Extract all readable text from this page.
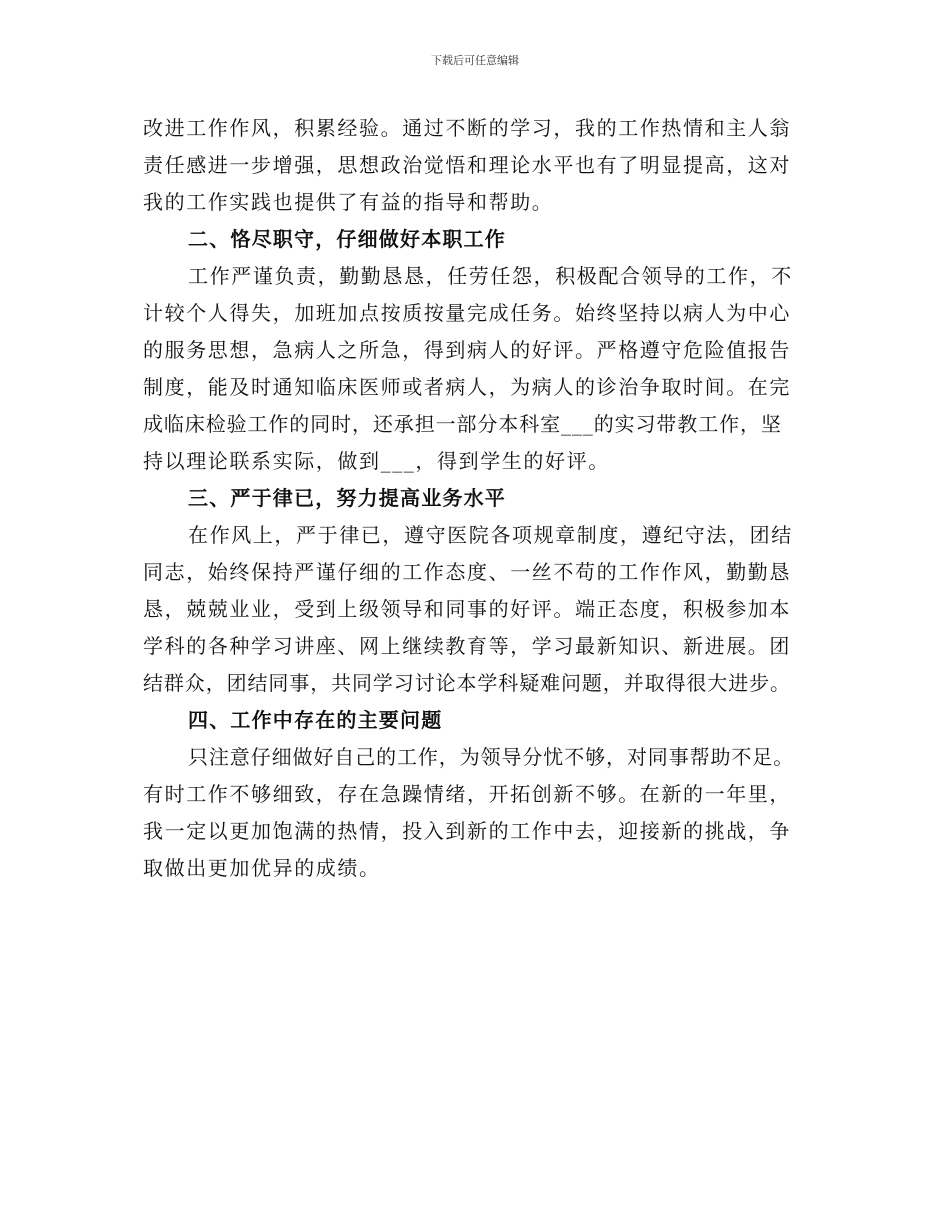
下载后可任意编辑
改进工作作风，积累经验。通过不断的学习，我的工作热情和主人翁
责任感进一步增强，思想政治觉悟和理论水平也有了明显提高，这对
我的工作实践也提供了有益的指导和帮助。
二、恪尽职守，仔细做好本职工作
工作严谨负责，勤勤恳恳，任劳任怨，积极配合领导的工作，不
计较个人得失，加班加点按质按量完成任务。始终坚持以病人为中心
的服务思想，急病人之所急，得到病人的好评。严格遵守危险值报告
制度，能及时通知临床医师或者病人，为病人的诊治争取时间。在完
成临床检验工作的同时，还承担一部分本科室___的实习带教工作，坚
持以理论联系实际，做到___，得到学生的好评。
三、严于律已，努力提高业务水平
在作风上，严于律已，遵守医院各项规章制度，遵纪守法，团结
同志，始终保持严谨仔细的工作态度、一丝不苟的工作作风，勤勤恳
恳，兢兢业业，受到上级领导和同事的好评。端正态度，积极参加本
学科的各种学习讲座、网上继续教育等，学习最新知识、新进展。团
结群众，团结同事，共同学习讨论本学科疑难问题，并取得很大进步。
四、工作中存在的主要问题
只注意仔细做好自己的工作，为领导分忧不够，对同事帮助不足。
有时工作不够细致，存在急躁情绪，开拓创新不够。在新的一年里，
我一定以更加饱满的热情，投入到新的工作中去，迎接新的挑战，争
取做出更加优异的成绩。
